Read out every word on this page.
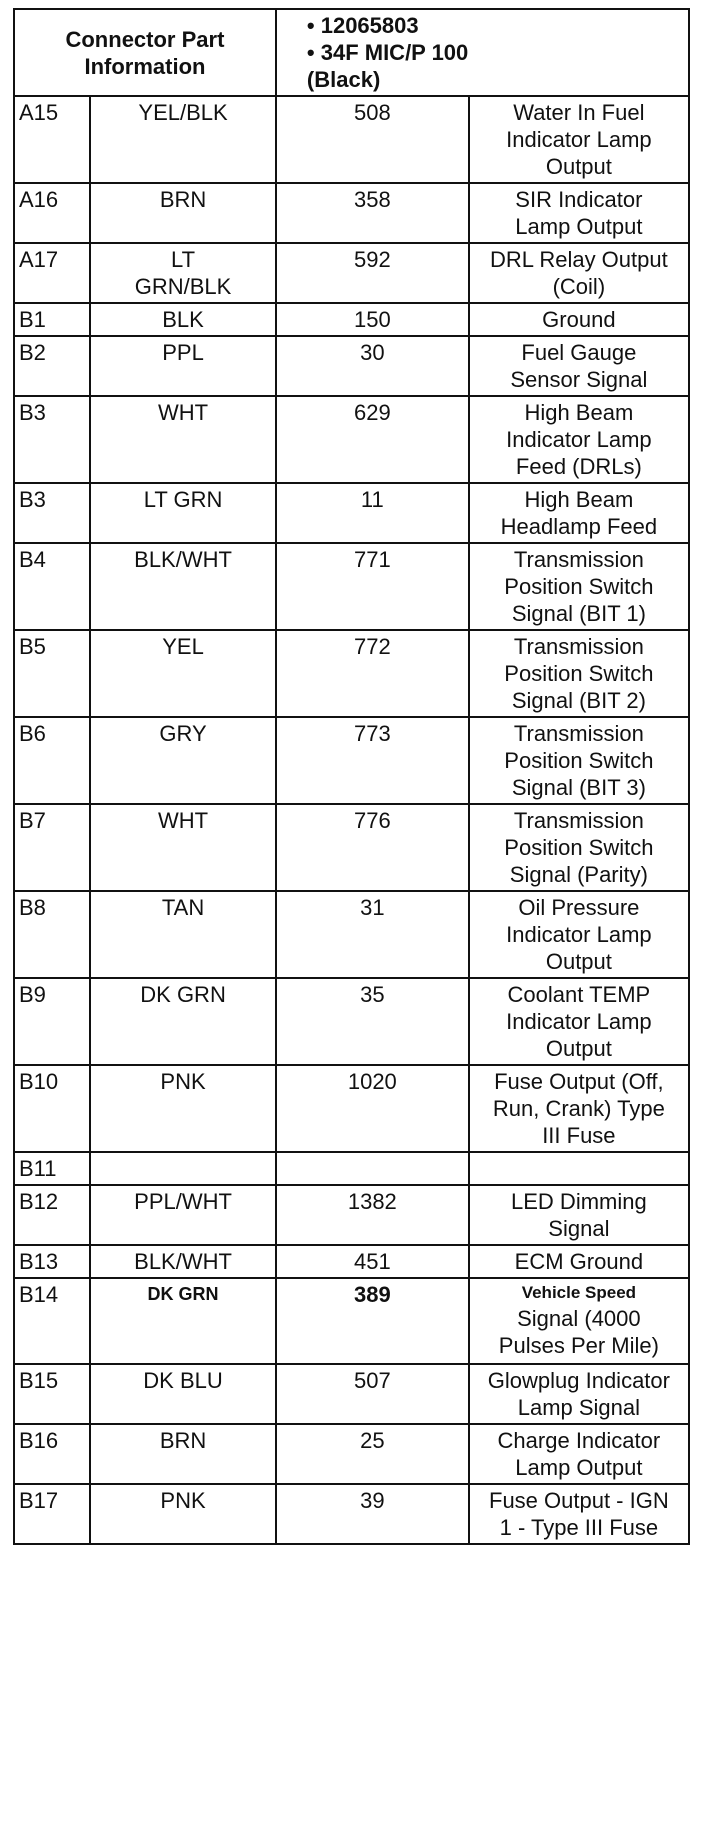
Connector Part
Information		• 12065803
• 34F MIC/P 100
(Black)	

A15	YEL/BLK	508	Water In Fuel
Indicator Lamp
Output

A16	BRN	358	SIR Indicator
Lamp Output

A17	LT
GRN/BLK	592	DRL Relay Output
(Coil)

B1	BLK	150	Ground

B2	PPL	30	Fuel Gauge
Sensor Signal

B3	WHT	629	High Beam
Indicator Lamp
Feed (DRLs)

B3	LT GRN	11	High Beam
Headlamp Feed

B4	BLK/WHT	771	Transmission
Position Switch
Signal (BIT 1)

B5	YEL	772	Transmission
Position Switch
Signal (BIT 2)

B6	GRY	773	Transmission
Position Switch
Signal (BIT 3)

B7	WHT	776	Transmission
Position Switch
Signal (Parity)

B8	TAN	31	Oil Pressure
Indicator Lamp
Output

B9	DK GRN	35	Coolant TEMP
Indicator Lamp
Output

B10	PNK	1020	Fuse Output (Off,
Run, Crank) Type
III Fuse

B11	

B12	PPL/WHT	1382	LED Dimming
Signal

B13	BLK/WHT	451	ECM Ground

B14	DK GRN	389	Vehicle Speed
Signal (4000
Pulses Per Mile)

B15	DK BLU	507	Glowplug Indicator
Lamp Signal

B16	BRN	25	Charge Indicator
Lamp Output

B17	PNK	39	Fuse Output - IGN
1 - Type III Fuse
